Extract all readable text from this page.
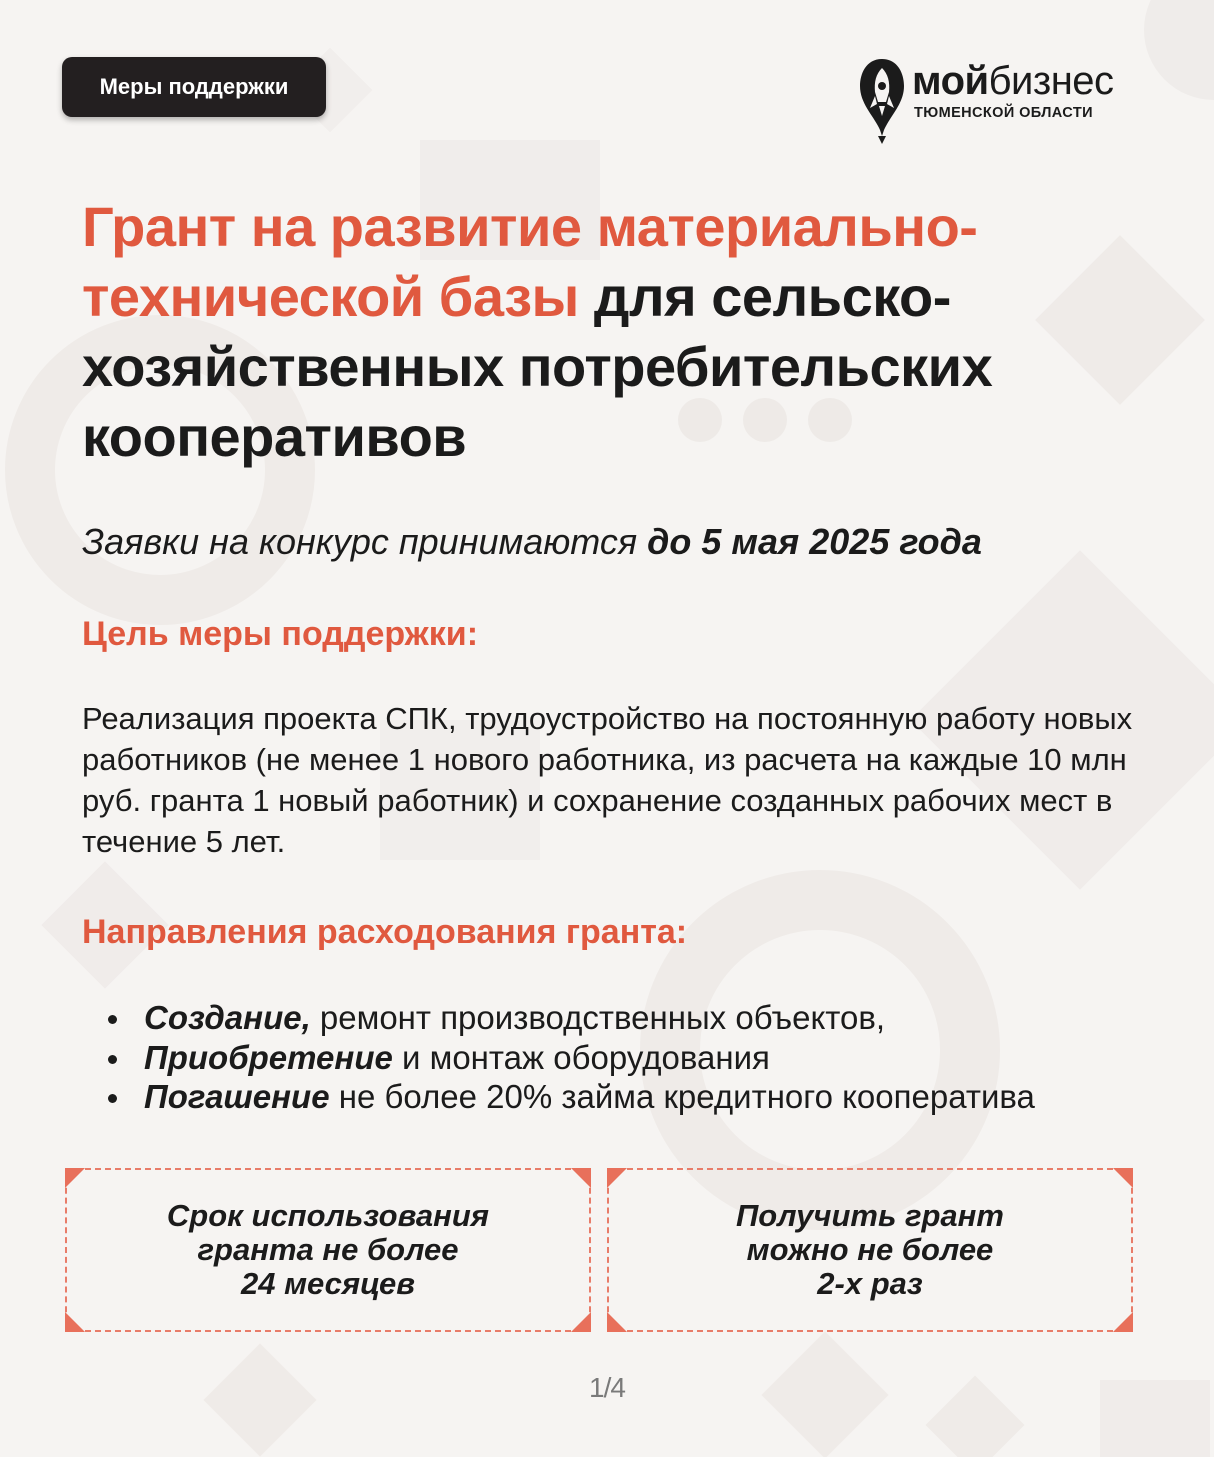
Меры поддержки	мойбизнес
ТЮМЕНСКОЙ ОБЛАСТИ
Грант на развитие материально-технической базы для сельско-хозяйственных потребительских кооперативов

Заявки на конкурс принимаются до 5 мая 2025 года

Цель меры поддержки:

Реализация проекта СПК, трудоустройство на постоянную работу новых работников (не менее 1 нового работника, из расчета на каждые 10 млн руб. гранта 1 новый работник) и сохранение созданных рабочих мест в течение 5 лет.

Направления расходования гранта:
Создание, ремонт производственных объектов,
Приобретение и монтаж оборудования
Погашение не более 20% займа кредитного кооператива
Срок использования
гранта не более
24 месяцев
Получить грант
можно не более
2-х раз
1/4
